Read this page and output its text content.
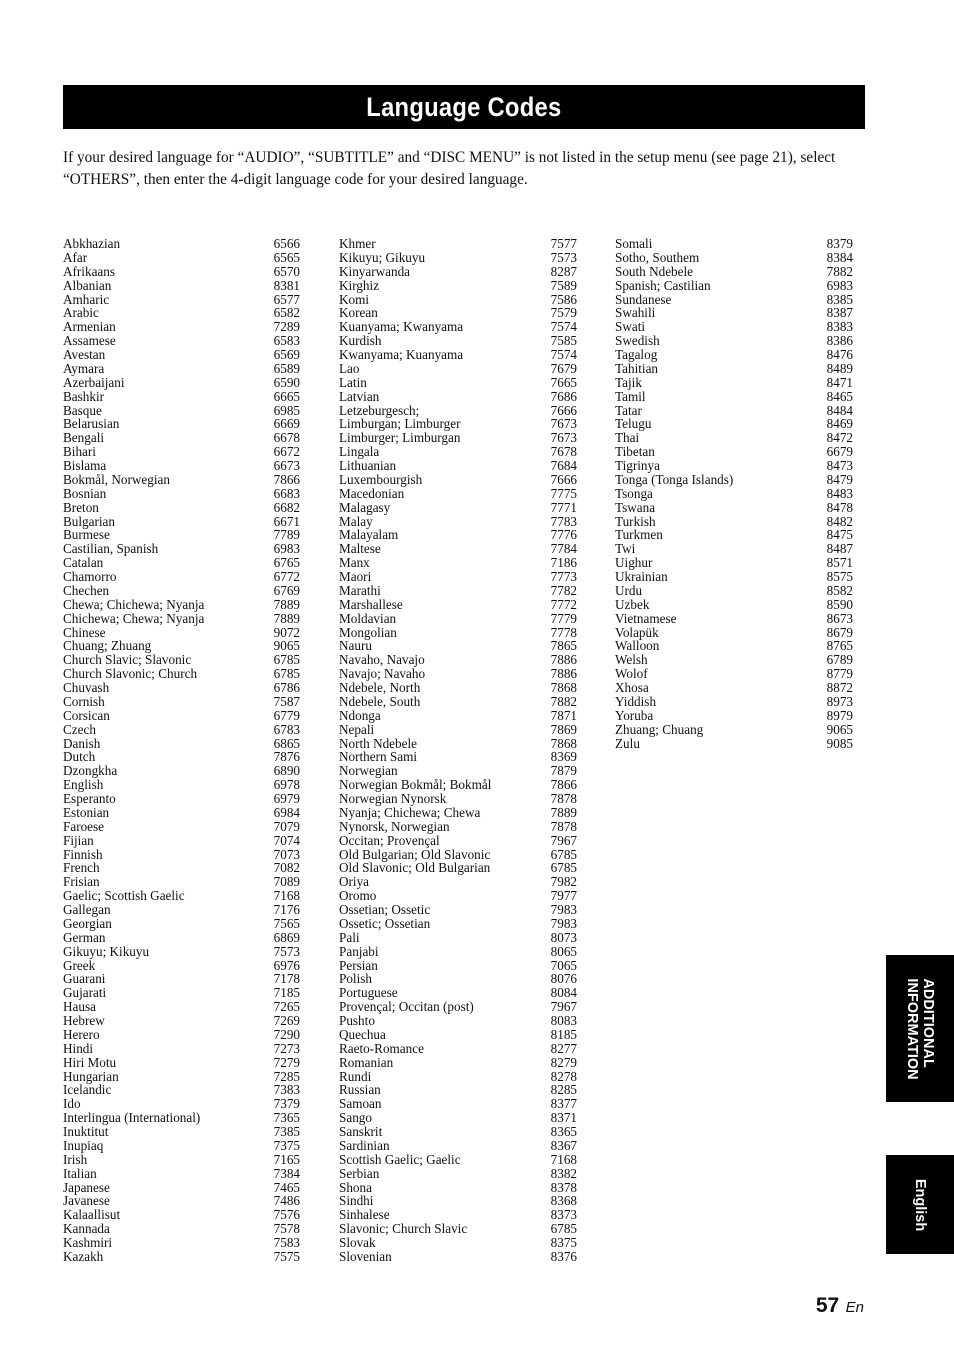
Language Codes

If your desired language for “AUDIO”, “SUBTITLE” and “DISC MENU” is not listed in the setup menu (see page 21), select “OTHERS”, then enter the 4-digit language code for your desired language.

Abkhazian	6566
Afar	6565
Afrikaans	6570
Albanian	8381
Amharic	6577
Arabic	6582
Armenian	7289
Assamese	6583
Avestan	6569
Aymara	6589
Azerbaijani	6590
Bashkir	6665
Basque	6985
Belarusian	6669
Bengali	6678
Bihari	6672
Bislama	6673
Bokmål, Norwegian	7866
Bosnian	6683
Breton	6682
Bulgarian	6671
Burmese	7789
Castilian, Spanish	6983
Catalan	6765
Chamorro	6772
Chechen	6769
Chewa; Chichewa; Nyanja	7889
Chichewa; Chewa; Nyanja	7889
Chinese	9072
Chuang; Zhuang	9065
Church Slavic; Slavonic	6785
Church Slavonic; Church	6785
Chuvash	6786
Cornish	7587
Corsican	6779
Czech	6783
Danish	6865
Dutch	7876
Dzongkha	6890
English	6978
Esperanto	6979
Estonian	6984
Faroese	7079
Fijian	7074
Finnish	7073
French	7082
Frisian	7089
Gaelic; Scottish Gaelic	7168
Gallegan	7176
Georgian	7565
German	6869
Gikuyu; Kikuyu	7573
Greek	6976
Guarani	7178
Gujarati	7185
Hausa	7265
Hebrew	7269
Herero	7290
Hindi	7273
Hiri Motu	7279
Hungarian	7285
Icelandic	7383
Ido	7379
Interlingua (International)	7365
Inuktitut	7385
Inupiaq	7375
Irish	7165
Italian	7384
Japanese	7465
Javanese	7486
Kalaallisut	7576
Kannada	7578
Kashmiri	7583
Kazakh	7575
Khmer	7577
Kikuyu; Gikuyu	7573
Kinyarwanda	8287
Kirghiz	7589
Komi	7586
Korean	7579
Kuanyama; Kwanyama	7574
Kurdish	7585
Kwanyama; Kuanyama	7574
Lao	7679
Latin	7665
Latvian	7686
Letzeburgesch;	7666
Limburgan; Limburger	7673
Limburger; Limburgan	7673
Lingala	7678
Lithuanian	7684
Luxembourgish	7666
Macedonian	7775
Malagasy	7771
Malay	7783
Malayalam	7776
Maltese	7784
Manx	7186
Maori	7773
Marathi	7782
Marshallese	7772
Moldavian	7779
Mongolian	7778
Nauru	7865
Navaho, Navajo	7886
Navajo; Navaho	7886
Ndebele, North	7868
Ndebele, South	7882
Ndonga	7871
Nepali	7869
North Ndebele	7868
Northern Sami	8369
Norwegian	7879
Norwegian Bokmål; Bokmål	7866
Norwegian Nynorsk	7878
Nyanja; Chichewa; Chewa	7889
Nynorsk, Norwegian	7878
Occitan; Provençal	7967
Old Bulgarian; Old Slavonic	6785
Old Slavonic; Old Bulgarian	6785
Oriya	7982
Oromo	7977
Ossetian; Ossetic	7983
Ossetic; Ossetian	7983
Pali	8073
Panjabi	8065
Persian	7065
Polish	8076
Portuguese	8084
Provençal; Occitan (post)	7967
Pushto	8083
Quechua	8185
Raeto-Romance	8277
Romanian	8279
Rundi	8278
Russian	8285
Samoan	8377
Sango	8371
Sanskrit	8365
Sardinian	8367
Scottish Gaelic; Gaelic	7168
Serbian	8382
Shona	8378
Sindhi	8368
Sinhalese	8373
Slavonic; Church Slavic	6785
Slovak	8375
Slovenian	8376
Somali	8379
Sotho, Southem	8384
South Ndebele	7882
Spanish; Castilian	6983
Sundanese	8385
Swahili	8387
Swati	8383
Swedish	8386
Tagalog	8476
Tahitian	8489
Tajik	8471
Tamil	8465
Tatar	8484
Telugu	8469
Thai	8472
Tibetan	6679
Tigrinya	8473
Tonga (Tonga Islands)	8479
Tsonga	8483
Tswana	8478
Turkish	8482
Turkmen	8475
Twi	8487
Uighur	8571
Ukrainian	8575
Urdu	8582
Uzbek	8590
Vietnamese	8673
Volapük	8679
Walloon	8765
Welsh	6789
Wolof	8779
Xhosa	8872
Yiddish	8973
Yoruba	8979
Zhuang; Chuang	9065
Zulu	9085
ADDITIONAL
INFORMATION
English
57 En
